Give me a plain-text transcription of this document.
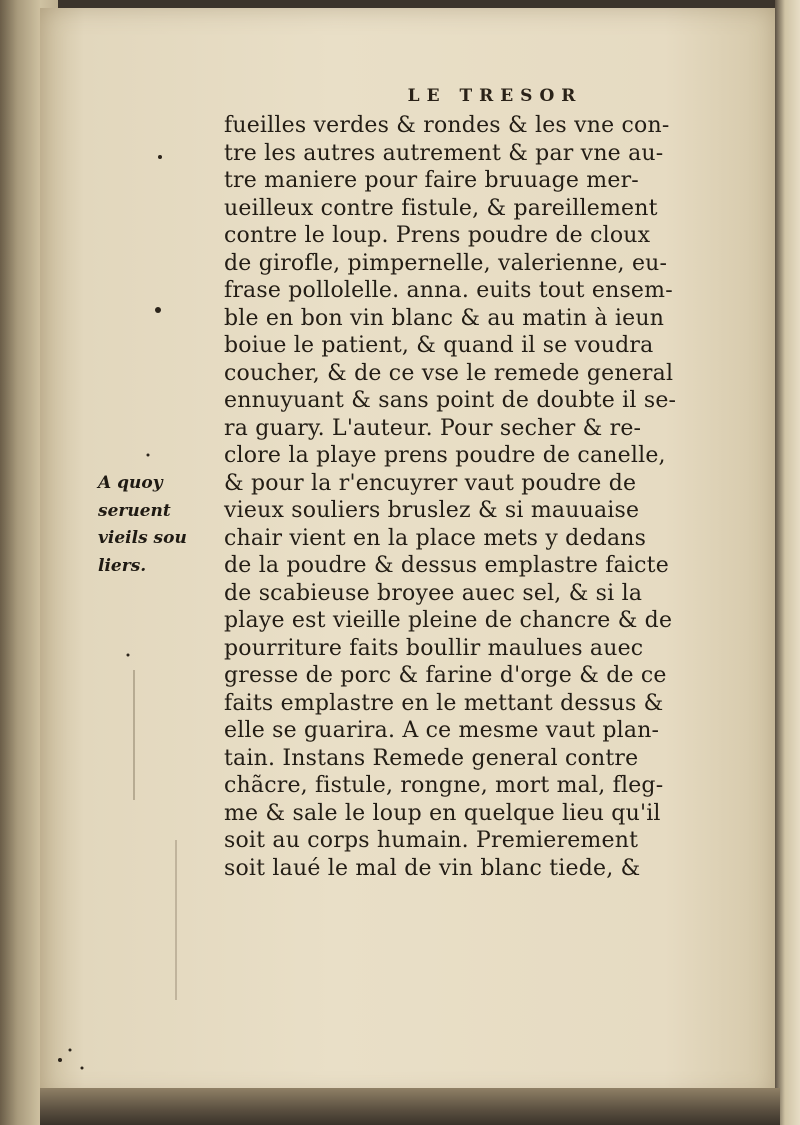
LE TRESOR
A quoy
seruent
vieils sou
liers.
fueilles verdes & rondes & les vne con-
tre les autres autrement & par vne au-
tre maniere pour faire bruuage mer-
ueilleux contre fistule, & pareillement
contre le loup. Prens poudre de cloux
de girofle, pimpernelle, valerienne, eu-
frase pollolelle. anna. euits tout ensem-
ble en bon vin blanc & au matin à ieun
boiue le patient, & quand il se voudra
coucher, & de ce vse le remede general
ennuyuant & sans point de doubte il se-
ra guary. L'auteur. Pour secher & re-
clore la playe prens poudre de canelle,
& pour la r'encuyrer vaut poudre de
vieux souliers bruslez & si mauuaise
chair vient en la place mets y dedans
de la poudre & dessus emplastre faicte
de scabieuse broyee auec sel, & si la
playe est vieille pleine de chancre & de
pourriture faits boullir maulues auec
gresse de porc & farine d'orge & de ce
faits emplastre en le mettant dessus &
elle se guarira. A ce mesme vaut plan-
tain. Instans Remede general contre
chãcre, fistule, rongne, mort mal, fleg-
me & sale le loup en quelque lieu qu'il
soit au corps humain. Premierement
soit laué le mal de vin blanc tiede, &
